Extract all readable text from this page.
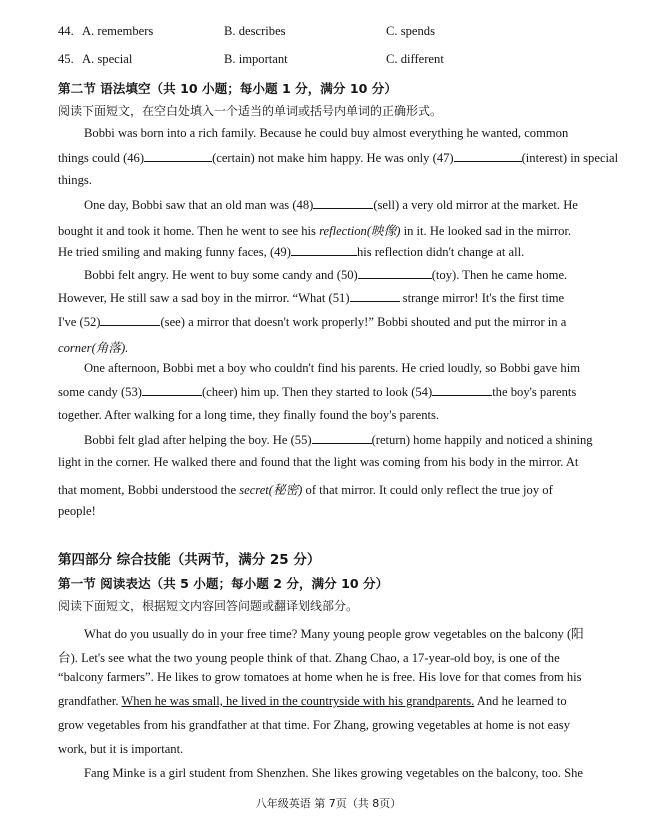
44. A. remembers	B. describes	C. spends
45. A. special	B. important	C. different
第二节 语法填空（共 10 小题；每小题 1 分，满分 10 分）
阅读下面短文，在空白处填入一个适当的单词或括号内单词的正确形式。
Bobbi was born into a rich family. Because he could buy almost everything he wanted, common
things could (46)	(certain) not make him happy. He was only (47)	(interest) in special
things.
One day, Bobbi saw that an old man was (48)	(sell) a very old mirror at the market. He
bought it and took it home. Then he went to see his reflection(映像) in it. He looked sad in the mirror.
He tried smiling and making funny faces, (49)	his reflection didn't change at all.
Bobbi felt angry. He went to buy some candy and (50)	(toy). Then he came home.
However, He still saw a sad boy in the mirror. “What (51)	strange mirror! It's the first time
I've (52)	(see) a mirror that doesn't work properly!” Bobbi shouted and put the mirror in a
corner(角落).
One afternoon, Bobbi met a boy who couldn't find his parents. He cried loudly, so Bobbi gave him
some candy (53)	(cheer) him up. Then they started to look (54)	the boy's parents
together. After walking for a long time, they finally found the boy's parents.
Bobbi felt glad after helping the boy. He (55)	(return) home happily and noticed a shining
light in the corner. He walked there and found that the light was coming from his body in the mirror. At
that moment, Bobbi understood the secret(秘密) of that mirror. It could only reflect the true joy of
people!
第四部分 综合技能（共两节，满分 25 分）
第一节 阅读表达（共 5 小题；每小题 2 分，满分 10 分）
阅读下面短文，根据短文内容回答问题或翻译划线部分。
What do you usually do in your free time? Many young people grow vegetables on the balcony (阳
台). Let's see what the two young people think of that. Zhang Chao, a 17-year-old boy, is one of the
“balcony farmers”. He likes to grow tomatoes at home when he is free. His love for that comes from his
grandfather. When he was small, he lived in the countryside with his grandparents. And he learned to
grow vegetables from his grandfather at that time. For Zhang, growing vegetables at home is not easy
work, but it is important.
Fang Minke is a girl student from Shenzhen. She likes growing vegetables on the balcony, too. She
八年级英语 第 7页（共 8页）
